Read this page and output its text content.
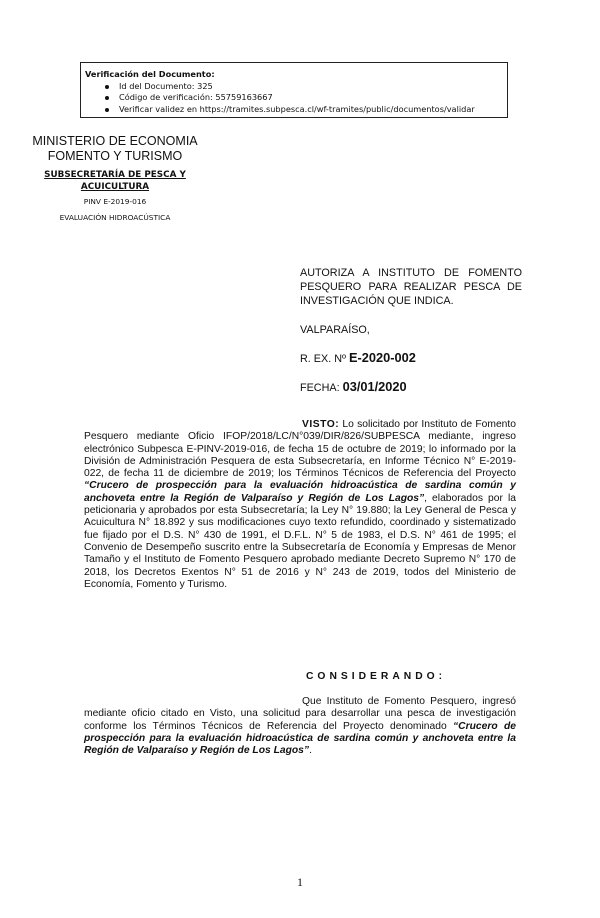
Verificación del Documento:
Id del Documento: 325
Código de verificación: 55759163667
Verificar validez en https://tramites.subpesca.cl/wf-tramites/public/documentos/validar
MINISTERIO DE ECONOMIA
FOMENTO Y TURISMO
SUBSECRETARÍA DE PESCA Y ACUICULTURA
PINV E-2019-016
EVALUACIÓN HIDROACÚSTICA
AUTORIZA A INSTITUTO DE FOMENTO PESQUERO PARA REALIZAR PESCA DE INVESTIGACIÓN QUE INDICA.
VALPARAÍSO,
R. EX. Nº E-2020-002
FECHA: 03/01/2020
VISTO: Lo solicitado por Instituto de Fomento Pesquero mediante Oficio IFOP/2018/LC/N°039/DIR/826/SUBPESCA mediante, ingreso electrónico Subpesca E-PINV-2019-016, de fecha 15 de octubre de 2019; lo informado por la División de Administración Pesquera de esta Subsecretaría, en Informe Técnico N° E-2019-022, de fecha 11 de diciembre de 2019; los Términos Técnicos de Referencia del Proyecto “Crucero de prospección para la evaluación hidroacústica de sardina común y anchoveta entre la Región de Valparaíso y Región de Los Lagos”, elaborados por la peticionaria y aprobados por esta Subsecretaría; la Ley N° 19.880; la Ley General de Pesca y Acuicultura N° 18.892 y sus modificaciones cuyo texto refundido, coordinado y sistematizado fue fijado por el D.S. N° 430 de 1991, el D.F.L. N° 5 de 1983, el D.S. N° 461 de 1995; el Convenio de Desempeño suscrito entre la Subsecretaría de Economía y Empresas de Menor Tamaño y el Instituto de Fomento Pesquero aprobado mediante Decreto Supremo N° 170 de 2018, los Decretos Exentos N° 51 de 2016 y N° 243 de 2019, todos del Ministerio de Economía, Fomento y Turismo.
CONSIDERANDO:
Que Instituto de Fomento Pesquero, ingresó mediante oficio citado en Visto, una solicitud para desarrollar una pesca de investigación conforme los Términos Técnicos de Referencia del Proyecto denominado “Crucero de prospección para la evaluación hidroacústica de sardina común y anchoveta entre la Región de Valparaíso y Región de Los Lagos”.
1
